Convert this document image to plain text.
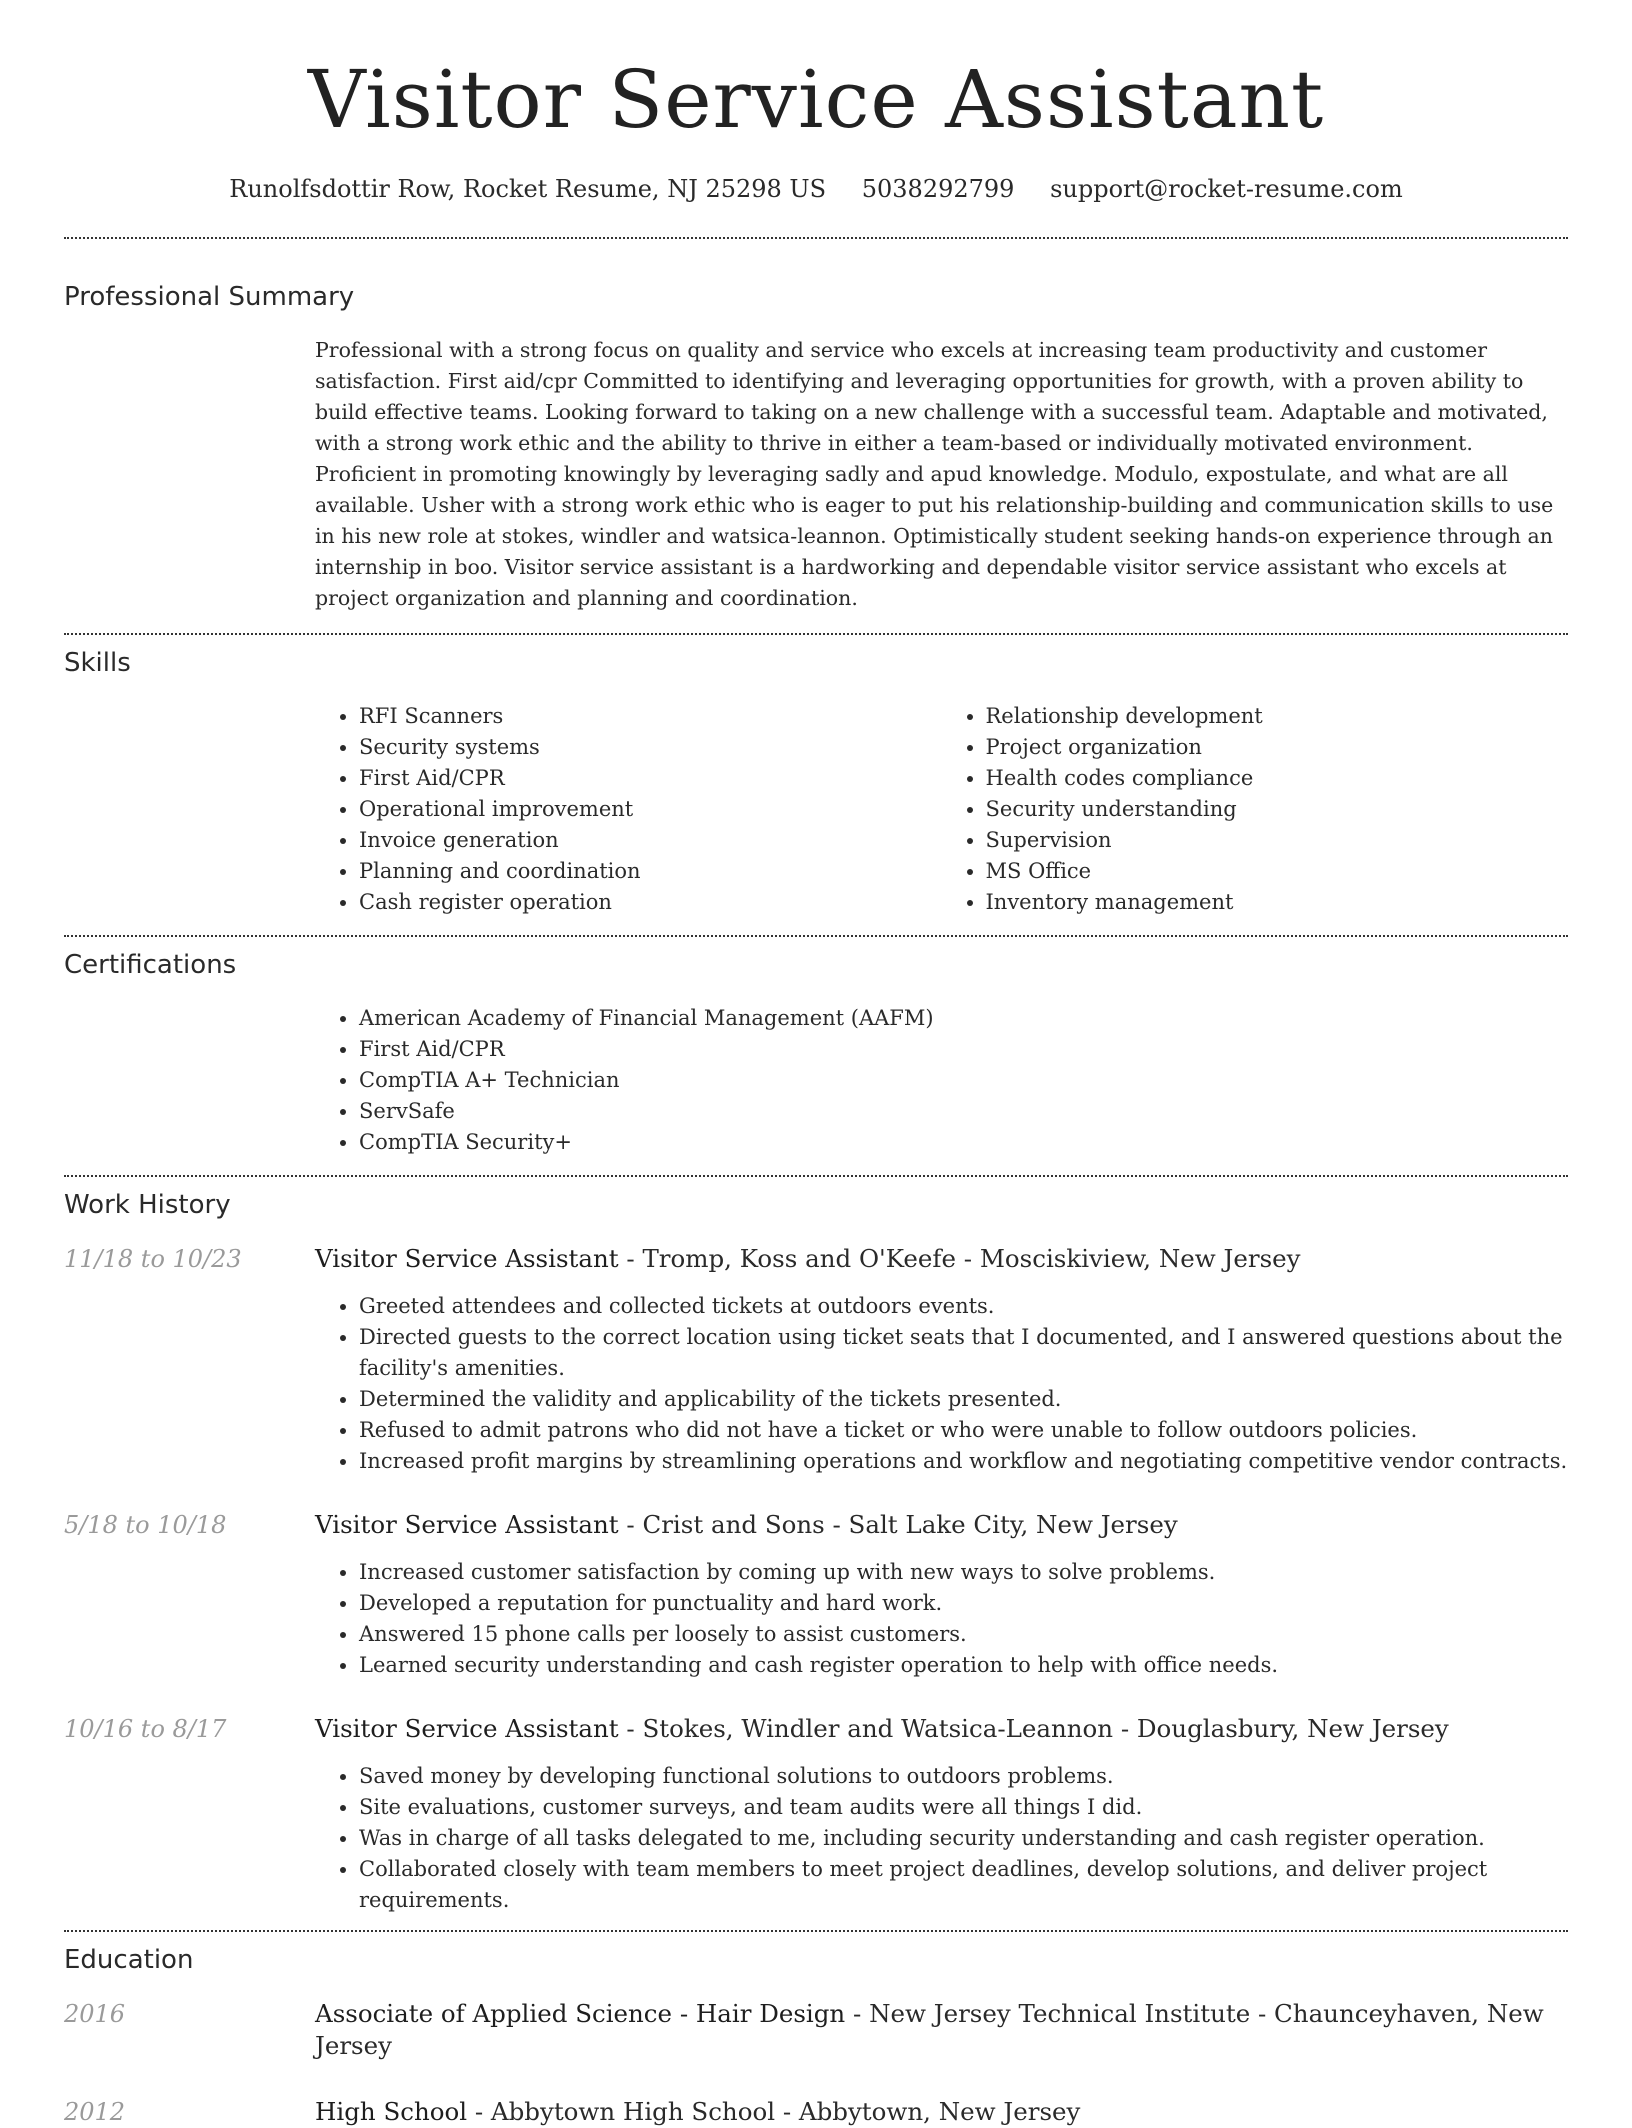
Visitor Service Assistant
Runolfsdottir Row, Rocket Resume, NJ 25298 US 5038292799 support@rocket-resume.com
Professional Summary

Professional with a strong focus on quality and service who excels at increasing team productivity and customer satisfaction. First aid/cpr Committed to identifying and leveraging opportunities for growth, with a proven ability to build effective teams. Looking forward to taking on a new challenge with a successful team. Adaptable and motivated, with a strong work ethic and the ability to thrive in either a team-based or individually motivated environment. Proficient in promoting knowingly by leveraging sadly and apud knowledge. Modulo, expostulate, and what are all available. Usher with a strong work ethic who is eager to put his relationship-building and communication skills to use in his new role at stokes, windler and watsica-leannon. Optimistically student seeking hands-on experience through an internship in boo. Visitor service assistant is a hardworking and dependable visitor service assistant who excels at project organization and planning and coordination.

Skills
• RFI Scanners
• Security systems
• First Aid/CPR
• Operational improvement
• Invoice generation
• Planning and coordination
• Cash register operation
• Relationship development
• Project organization
• Health codes compliance
• Security understanding
• Supervision
• MS Office
• Inventory management
Certifications
• American Academy of Financial Management (AAFM)
• First Aid/CPR
• CompTIA A+ Technician
• ServSafe
• CompTIA Security+
Work History
11/18 to 10/23	Visitor Service Assistant - Tromp, Koss and O'Keefe - Mosciskiview, New Jersey
• Greeted attendees and collected tickets at outdoors events.
• Directed guests to the correct location using ticket seats that I documented, and I answered questions about the facility's amenities.
• Determined the validity and applicability of the tickets presented.
• Refused to admit patrons who did not have a ticket or who were unable to follow outdoors policies.
• Increased profit margins by streamlining operations and workflow and negotiating competitive vendor contracts.
5/18 to 10/18	Visitor Service Assistant - Crist and Sons - Salt Lake City, New Jersey
• Increased customer satisfaction by coming up with new ways to solve problems.
• Developed a reputation for punctuality and hard work.
• Answered 15 phone calls per loosely to assist customers.
• Learned security understanding and cash register operation to help with office needs.
10/16 to 8/17	Visitor Service Assistant - Stokes, Windler and Watsica-Leannon - Douglasbury, New Jersey
• Saved money by developing functional solutions to outdoors problems.
• Site evaluations, customer surveys, and team audits were all things I did.
• Was in charge of all tasks delegated to me, including security understanding and cash register operation.
• Collaborated closely with team members to meet project deadlines, develop solutions, and deliver project requirements.
Education
2016	Associate of Applied Science - Hair Design - New Jersey Technical Institute - Chaunceyhaven, New Jersey
2012	High School - Abbytown High School - Abbytown, New Jersey
